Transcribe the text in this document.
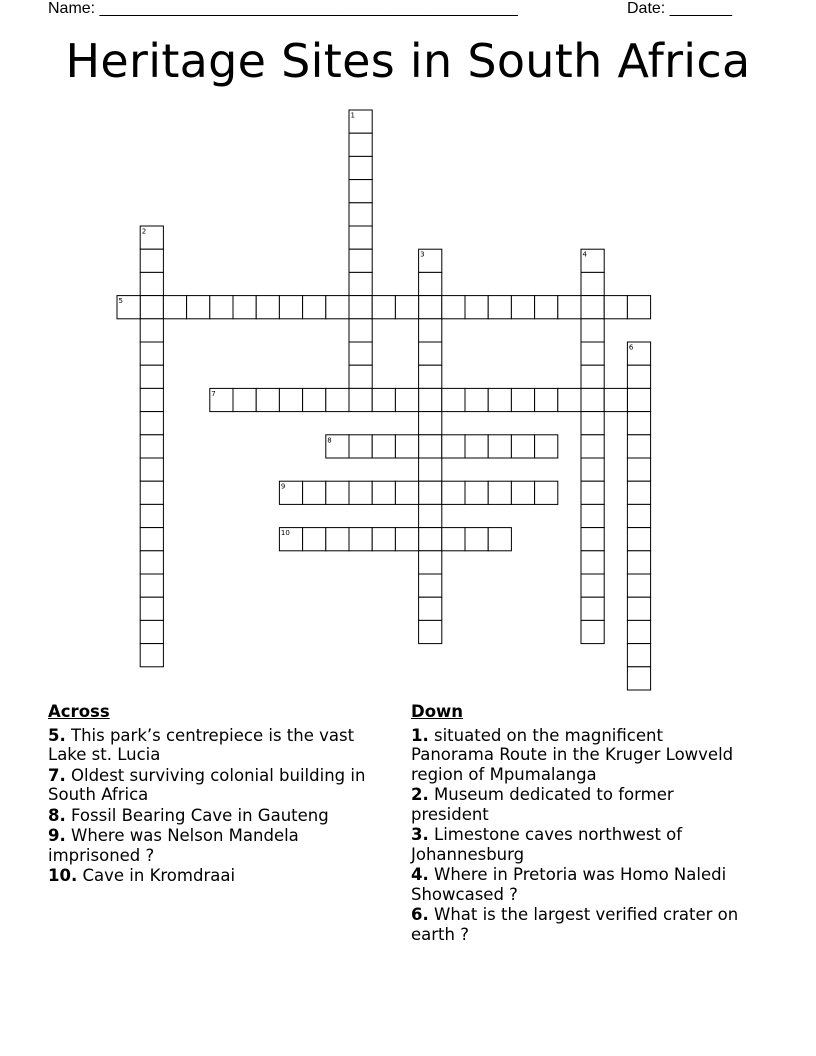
Name: _______________________________________________	Date: _______
Heritage Sites in South Africa
1
2
3	4
5
6
7
8
9
10
Across
5. This park’s centrepiece is the vast Lake st. Lucia
7. Oldest surviving colonial building in South Africa
8. Fossil Bearing Cave in Gauteng
9. Where was Nelson Mandela imprisoned ?
10. Cave in Kromdraai
Down
1. situated on the magnificent Panorama Route in the Kruger Lowveld region of Mpumalanga
2. Museum dedicated to former president
3. Limestone caves northwest of Johannesburg
4. Where in Pretoria was Homo Naledi Showcased ?
6. What is the largest verified crater on earth ?
